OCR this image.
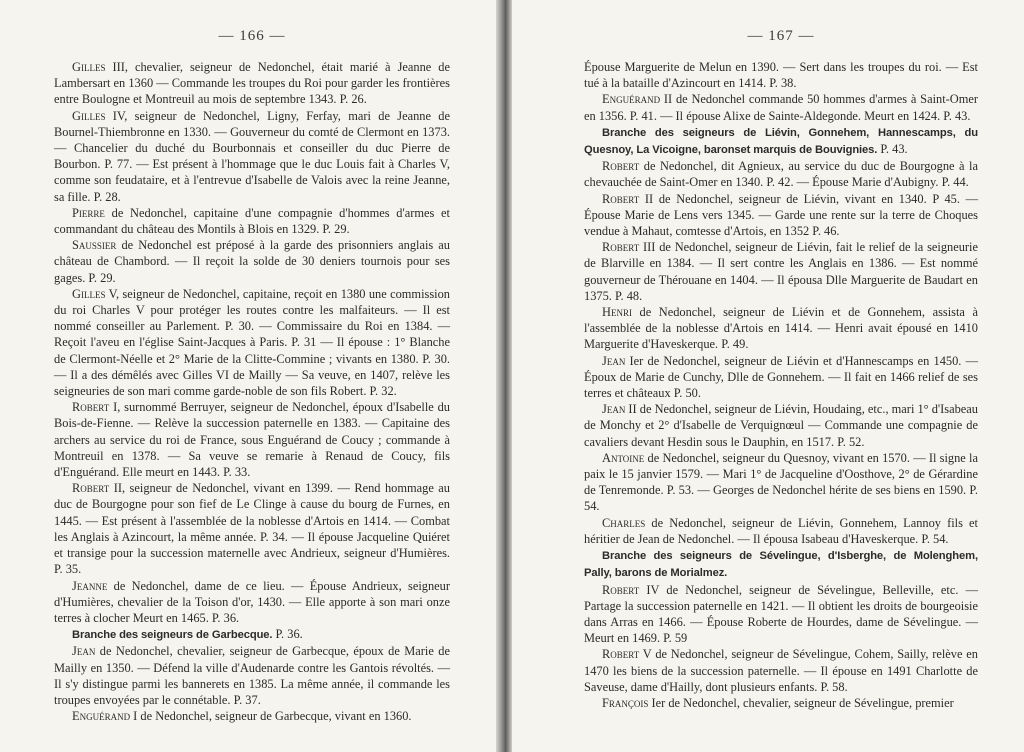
— 166 —

Gilles III, chevalier, seigneur de Nedonchel, était marié à Jeanne de Lambersart en 1360 — Commande les troupes du Roi pour garder les frontières entre Boulogne et Montreuil au mois de septembre 1343. P. 26.

Gilles IV, seigneur de Nedonchel, Ligny, Ferfay, mari de Jeanne de Bournel-Thiembronne en 1330. — Gouverneur du comté de Clermont en 1373. — Chancelier du duché du Bourbonnais et conseiller du duc Pierre de Bourbon. P. 77. — Est présent à l'hommage que le duc Louis fait à Charles V, comme son feudataire, et à l'entrevue d'Isabelle de Valois avec la reine Jeanne, sa fille. P. 28.

Pierre de Nedonchel, capitaine d'une compagnie d'hommes d'armes et commandant du château des Montils à Blois en 1329. P. 29.

Saussier de Nedonchel est préposé à la garde des prisonniers anglais au château de Chambord. — Il reçoit la solde de 30 deniers tournois pour ses gages. P. 29.

Gilles V, seigneur de Nedonchel, capitaine, reçoit en 1380 une commission du roi Charles V pour protéger les routes contre les malfaiteurs. — Il est nommé conseiller au Parlement. P. 30. — Commissaire du Roi en 1384. — Reçoit l'aveu en l'église Saint-Jacques à Paris. P. 31 — Il épouse : 1° Blanche de Clermont-Néelle et 2° Marie de la Clitte-Commine ; vivants en 1380. P. 30. — Il a des démêlés avec Gilles VI de Mailly — Sa veuve, en 1407, relève les seigneuries de son mari comme garde-noble de son fils Robert. P. 32.

Robert I, surnommé Berruyer, seigneur de Nedonchel, époux d'Isabelle du Bois-de-Fienne. — Relève la succession paternelle en 1383. — Capitaine des archers au service du roi de France, sous Enguérand de Coucy ; commande à Montreuil en 1378. — Sa veuve se remarie à Renaud de Coucy, fils d'Enguérand. Elle meurt en 1443. P. 33.

Robert II, seigneur de Nedonchel, vivant en 1399. — Rend hommage au duc de Bourgogne pour son fief de Le Clinge à cause du bourg de Furnes, en 1445. — Est présent à l'assemblée de la noblesse d'Artois en 1414. — Combat les Anglais à Azincourt, la même année. P. 34. — Il épouse Jacqueline Quiéret et transige pour la succession maternelle avec Andrieux, seigneur d'Humières. P. 35.

Jeanne de Nedonchel, dame de ce lieu. — Épouse Andrieux, seigneur d'Humières, chevalier de la Toison d'or, 1430. — Elle apporte à son mari onze terres à clocher Meurt en 1465. P. 36.

Branche des seigneurs de Garbecque. P. 36.

Jean de Nedonchel, chevalier, seigneur de Garbecque, époux de Marie de Mailly en 1350. — Défend la ville d'Audenarde contre les Gantois révoltés. — Il s'y distingue parmi les bannerets en 1385. La même année, il commande les troupes envoyées par le connétable. P. 37.

Enguérand I de Nedonchel, seigneur de Garbecque, vivant en 1360.

— 167 —

Épouse Marguerite de Melun en 1390. — Sert dans les troupes du roi. — Est tué à la bataille d'Azincourt en 1414. P. 38.

Enguérand II de Nedonchel commande 50 hommes d'armes à Saint-Omer en 1356. P. 41. — Il épouse Alixe de Sainte-Aldegonde. Meurt en 1424. P. 43.

Branche des seigneurs de Liévin, Gonnehem, Hannescamps, du Quesnoy, La Vicoigne, baronset marquis de Bouvignies. P. 43.

Robert de Nedonchel, dit Agnieux, au service du duc de Bourgogne à la chevauchée de Saint-Omer en 1340. P. 42. — Épouse Marie d'Aubigny. P. 44.

Robert II de Nedonchel, seigneur de Liévin, vivant en 1340. P 45. — Épouse Marie de Lens vers 1345. — Garde une rente sur la terre de Choques vendue à Mahaut, comtesse d'Artois, en 1352 P. 46.

Robert III de Nedonchel, seigneur de Liévin, fait le relief de la seigneurie de Blarville en 1384. — Il sert contre les Anglais en 1386. — Est nommé gouverneur de Thérouane en 1404. — Il épousa Dlle Marguerite de Baudart en 1375. P. 48.

Henri de Nedonchel, seigneur de Liévin et de Gonnehem, assista à l'assemblée de la noblesse d'Artois en 1414. — Henri avait épousé en 1410 Marguerite d'Haveskerque. P. 49.

Jean Ier de Nedonchel, seigneur de Liévin et d'Hannescamps en 1450. — Époux de Marie de Cunchy, Dlle de Gonnehem. — Il fait en 1466 relief de ses terres et châteaux P. 50.

Jean II de Nedonchel, seigneur de Liévin, Houdaing, etc., mari 1° d'Isabeau de Monchy et 2° d'Isabelle de Verquignœul — Commande une compagnie de cavaliers devant Hesdin sous le Dauphin, en 1517. P. 52.

Antoine de Nedonchel, seigneur du Quesnoy, vivant en 1570. — Il signe la paix le 15 janvier 1579. — Mari 1° de Jacqueline d'Oosthove, 2° de Gérardine de Tenremonde. P. 53. — Georges de Nedonchel hérite de ses biens en 1590. P. 54.

Charles de Nedonchel, seigneur de Liévin, Gonnehem, Lannoy fils et héritier de Jean de Nedonchel. — Il épousa Isabeau d'Haveskerque. P. 54.

Branche des seigneurs de Sévelingue, d'Isberghe, de Molenghem, Pally, barons de Morialmez.

Robert IV de Nedonchel, seigneur de Sévelingue, Belleville, etc. — Partage la succession paternelle en 1421. — Il obtient les droits de bourgeoisie dans Arras en 1466. — Épouse Roberte de Hourdes, dame de Sévelingue. — Meurt en 1469. P. 59

Robert V de Nedonchel, seigneur de Sévelingue, Cohem, Sailly, relève en 1470 les biens de la succession paternelle. — Il épouse en 1491 Charlotte de Saveuse, dame d'Hailly, dont plusieurs enfants. P. 58.

François Ier de Nedonchel, chevalier, seigneur de Sévelingue, premier
